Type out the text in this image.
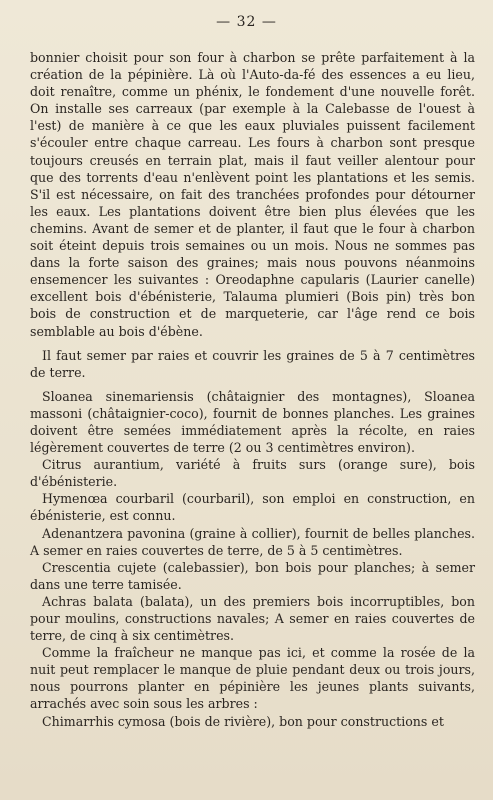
— 32 —

bonnier choisit pour son four à charbon se prête parfaitement à la création de la pépinière. Là où l'Auto-da-fé des essences a eu lieu, doit renaître, comme un phénix, le fondement d'une nouvelle forêt. On installe ses carreaux (par exemple à la Calebasse de l'ouest à l'est) de manière à ce que les eaux pluviales puissent facilement s'écouler entre chaque carreau. Les fours à charbon sont presque toujours creusés en terrain plat, mais il faut veiller alentour pour que des torrents d'eau n'enlèvent point les plantations et les semis. S'il est nécessaire, on fait des tranchées profondes pour détourner les eaux. Les plantations doivent être bien plus élevées que les chemins. Avant de semer et de planter, il faut que le four à charbon soit éteint depuis trois semaines ou un mois. Nous ne sommes pas dans la forte saison des graines; mais nous pouvons néanmoins ensemencer les suivantes : Oreodaphne capularis (Laurier canelle) excellent bois d'ébénisterie, Talauma plumieri (Bois pin) très bon bois de construction et de marqueterie, car l'âge rend ce bois semblable au bois d'ébène.

Il faut semer par raies et couvrir les graines de 5 à 7 centimètres de terre.

Sloanea sinemariensis (châtaignier des montagnes), Sloanea massoni (châtaignier-coco), fournit de bonnes planches. Les graines doivent être semées immédiatement après la récolte, en raies légèrement couvertes de terre (2 ou 3 centimètres environ).

Citrus aurantium, variété à fruits surs (orange sure), bois d'ébénisterie.

Hymenœa courbaril (courbaril), son emploi en construction, en ébénisterie, est connu.

Adenantzera pavonina (graine à collier), fournit de belles planches. A semer en raies couvertes de terre, de 5 à 5 centimètres.

Crescentia cujete (calebassier), bon bois pour planches; à semer dans une terre tamisée.

Achras balata (balata), un des premiers bois incorruptibles, bon pour moulins, constructions navales; A semer en raies couvertes de terre, de cinq à six centimètres.

Comme la fraîcheur ne manque pas ici, et comme la rosée de la nuit peut remplacer le manque de pluie pendant deux ou trois jours, nous pourrons planter en pépinière les jeunes plants suivants, arrachés avec soin sous les arbres :

Chimarrhis cymosa (bois de rivière), bon pour constructions et
